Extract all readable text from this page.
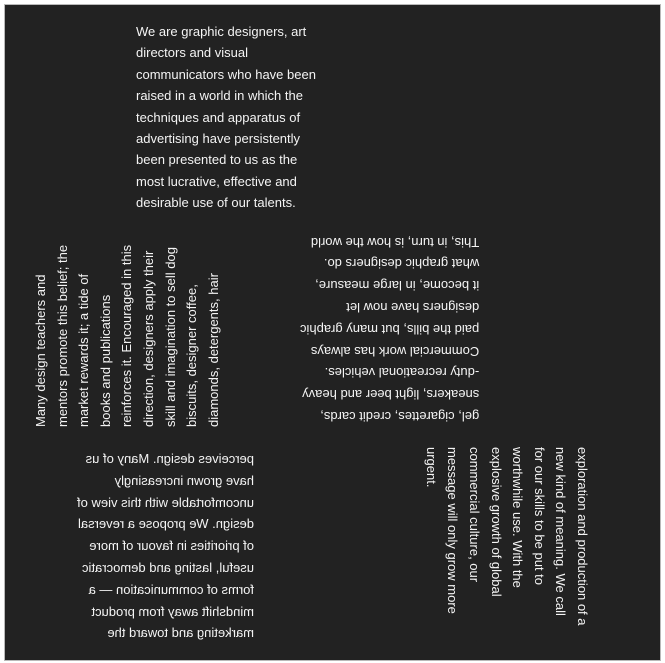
We are graphic designers, art
directors and visual
communicators who have been
raised in a world in which the
techniques and apparatus of
advertising have persistently
been presented to us as the
most lucrative, effective and
desirable use of our talents.

gel, cigarettes, credit cards,
sneakers, light beer and heavy
-duty recreational vehicles.
Commercial work has always
paid the bills, but many graphic
designers have now let
it become, in large measure,
what graphic designers do.
This, in turn, is how the world

Many design teachers and
mentors promote this belief; the
market rewards it; a tide of
books and publications
reinforces it. Encouraged in this
direction, designers apply their
skill and imagination to sell dog
biscuits, designer coffee,
diamonds, detergents, hair

exploration and production of a
new kind of meaning. We call
for our skills to be put to
worthwhile use. With the
explosive growth of global
commercial culture, our
message will only grow more
urgent.

perceives design. Many of us
have grown increasingly
uncomfortable with this view of
design. We propose a reversal
of priorities in favour of more
useful, lasting and democratic
forms of communication — a
mindshift away from product
marketing and toward the
